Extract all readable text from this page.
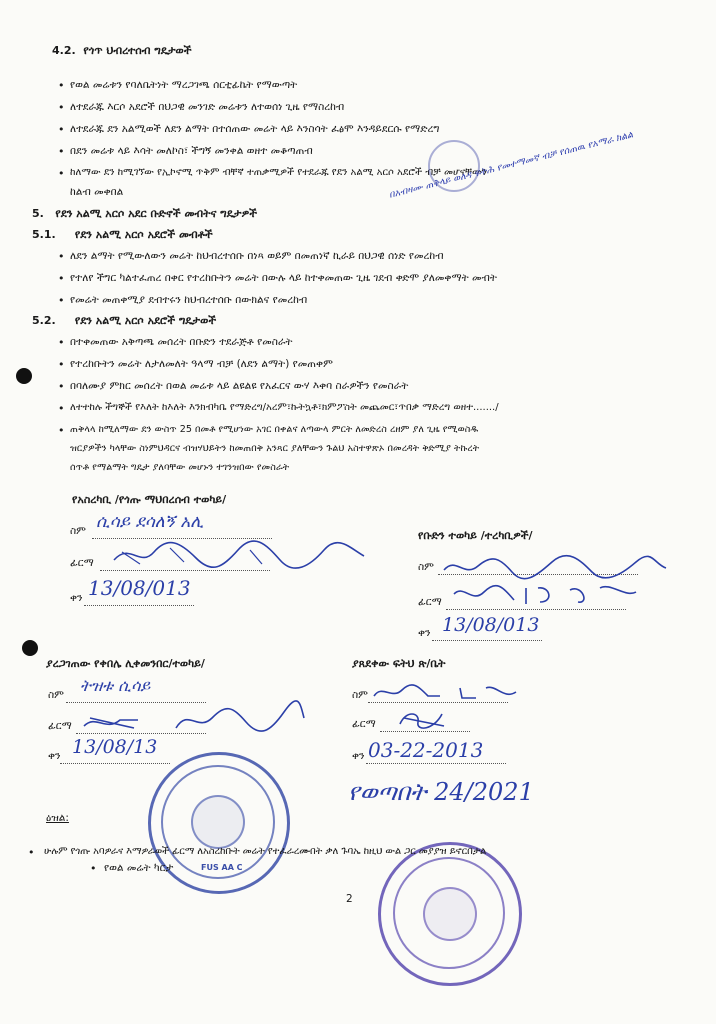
4.2. የጎጥ ህብረተሰብ ግዴታወች
• የወል መሬቱን የባለቤትነት ማረጋገጫ ሰርቲፊኬት የማውጣት
• ለተደራጁ እርሶ አደሮች በህጋዊ መንገድ መሬቱን ለተወሰነ ጊዜ የማስረከብ
• ለተደራጁ ደን አልሚወች ለደን ልማት በተሰጠው መሬት ላይ እንስሳት ፈፅሞ እንዳይደርሱ የማድረግ
• በደን መሬቱ ላይ እሳት መለኮስ፣ ችግኝ መንቀል ወዘተ መቆጣጠብ
• ከለማው ደን ከሚገኘው የኢኮኖሚ ጥቅም ብቸኛ ተጠቃሚዎች የተደራጁ የደን አልሚ አርሶ አደሮች ብቻ መሆናቸውን
ከልብ መቀበል
5. የደን አልሚ አርሶ አደር ቡድኖች መብትና ግዴታዎች
5.1. የደን አልሚ አርሶ አደሮች መብቶች
• ለደን ልማት የሚውለውን መሬት ከህብረተሰቡ በነጻ ወይም በመጠነኛ ኪራይ በህጋዊ ሰነድ የመረከብ
• የተለየ ችግር ካልተፈጠረ በቀር የተረከቡትን መሬት በውሉ ላይ ከተቀመጠው ጊዜ ገደብ ቀድሞ ያለመቀማት መብት
• የመሬት መጠቀሚያ ደብተሩን ከህብረተሰቡ በውክልና የመረከብ
5.2. የደን አልሚ አርሶ አደሮች ግዴታወች
• በተቀመጠው አቅጣጫ መሰረት በቡድን ተደራጅቶ የመስራት
• የተረከቡትን መሬት ለታለመለት ዓላማ ብቻ (ለደን ልማት) የመጠቀም
• በባለሙያ ምክር መሰረት በወል መሬቱ ላይ ልዩልዩ የአፈርና ውሃ እቀባ ስራዎችን የመስራት
• ለተተከሉ ችግኞች የእለት ከእለት እንክብካቤ የማድረግ/አረም፣ኩትኳቶ፣ክምፖስት መጨመር፣ጥበቃ ማድረግ ወዘተ......./
• ጠቅላላ ከሚለማው ደን ውስጥ 25 በመቶ የሚሆነው አገር በቀልና ለጣውላ ምርት ለመድረስ ረዘም ያለ ጊዜ የሚወስዱ
ዝርያዎችን ካላቸው ስነምህዳርና ብዝሃህይትን ከመጠበቅ አንጻር ያለቸውን ጉልህ አስተዋጽኦ በመረዳት ቅድሚያ ትኩረት
ሰጥቶ የማልማት ግዴታ ያለባቸው መሆኑን ተገንዝበው የመስራት
በአብዛሙ ጠቅላይ ወለዳ ፍትሕ የመተማመኛ ብቻ የሰጠዉ የአማራ ክልል
የአስረካቢ /የጎጡ ማህበረሰብ ተወካይ/
ስም ሲሳይ ደሳለኝ አሊ
ፊርማ
ቀን 13/08/013
የቡድን ተወካይ /ተረካቢዎች/
ስም
ፊርማ
ቀን 13/08/013
ያረጋገጠው የቀበሌ ሊቀመንበር/ተወካይ/
ስም ትዝቱ ሲሳይ
ፊርማ
ቀን 13/08/13
ያጸደቀው ፍትህ ጽ/ቤት
ስም
ፊርማ
ቀን 03-22-2013
የወጣበት 24/2021
FUS AA C
ዕዝል:
• ሁሉም የጎጡ አባዎራና እማዎራወች ፊርማ ለአስረከቡት መሬት የተፈራረሙበት ቃለ ጉባኤ ከዚህ ውል ጋር መያያዝ ይኖርበታል
• የወል መሬት ካርታ
2
